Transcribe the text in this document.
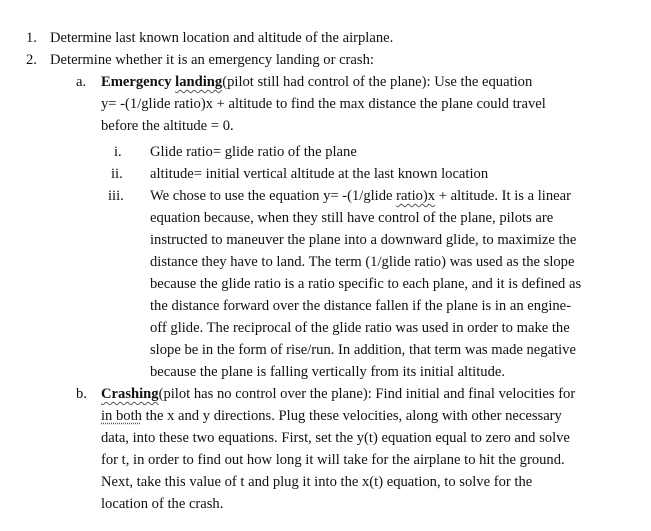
1. Determine last known location and altitude of the airplane.
2. Determine whether it is an emergency landing or crash:
a. Emergency landing(pilot still had control of the plane): Use the equation
y= -(1/glide ratio)x + altitude to find the max distance the plane could travel
before the altitude = 0.
i. Glide ratio= glide ratio of the plane
ii. altitude= initial vertical altitude at the last known location
iii. We chose to use the equation y= -(1/glide ratio)x + altitude. It is a linear
equation because, when they still have control of the plane, pilots are
instructed to maneuver the plane into a downward glide, to maximize the
distance they have to land. The term (1/glide ratio) was used as the slope
because the glide ratio is a ratio specific to each plane, and it is defined as
the distance forward over the distance fallen if the plane is in an engine-
off glide. The reciprocal of the glide ratio was used in order to make the
slope be in the form of rise/run. In addition, that term was made negative
because the plane is falling vertically from its initial altitude.
b. Crashing(pilot has no control over the plane): Find initial and final velocities for
in both the x and y directions. Plug these velocities, along with other necessary
data, into these two equations. First, set the y(t) equation equal to zero and solve
for t, in order to find out how long it will take for the airplane to hit the ground.
Next, take this value of t and plug it into the x(t) equation, to solve for the
location of the crash.
